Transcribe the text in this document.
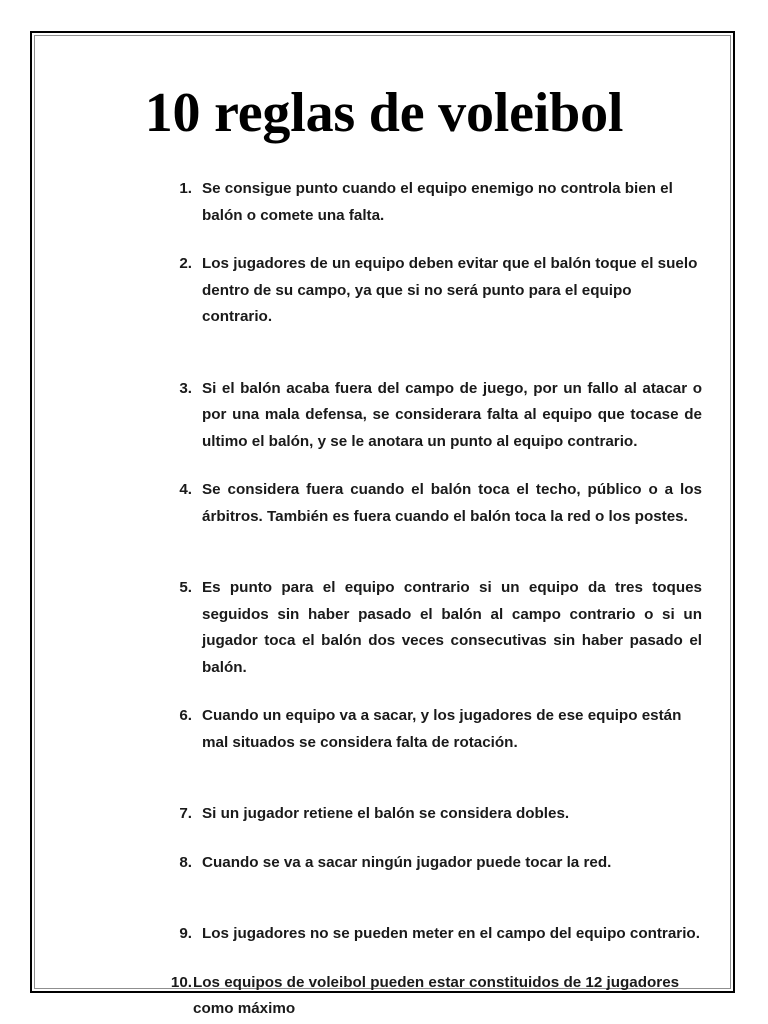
10 reglas de voleibol
1. Se consigue punto cuando el equipo enemigo no controla bien el balón o comete una falta.
2. Los jugadores de un equipo deben evitar que el balón toque el suelo dentro de su campo, ya que si no será punto para el equipo contrario.
3. Si el balón acaba fuera del campo de juego, por un fallo al atacar o por una mala defensa, se considerara falta al equipo que tocase de ultimo el balón, y se le anotara un punto al equipo contrario.
4. Se considera fuera cuando el balón toca el techo, público o a los árbitros. También es fuera cuando el balón toca la red o los postes.
5. Es punto para el equipo contrario si un equipo da tres toques seguidos sin haber pasado el balón al campo contrario o si un jugador toca el balón dos veces consecutivas sin haber pasado el balón.
6. Cuando un equipo va a sacar, y los jugadores de ese equipo están mal situados se considera falta de rotación.
7. Si un jugador retiene el balón se considera dobles.
8. Cuando se va a sacar ningún jugador puede tocar la red.
9. Los jugadores no se pueden meter en el campo del equipo contrario.
10. Los equipos de voleibol pueden estar constituidos de 12 jugadores como máximo
